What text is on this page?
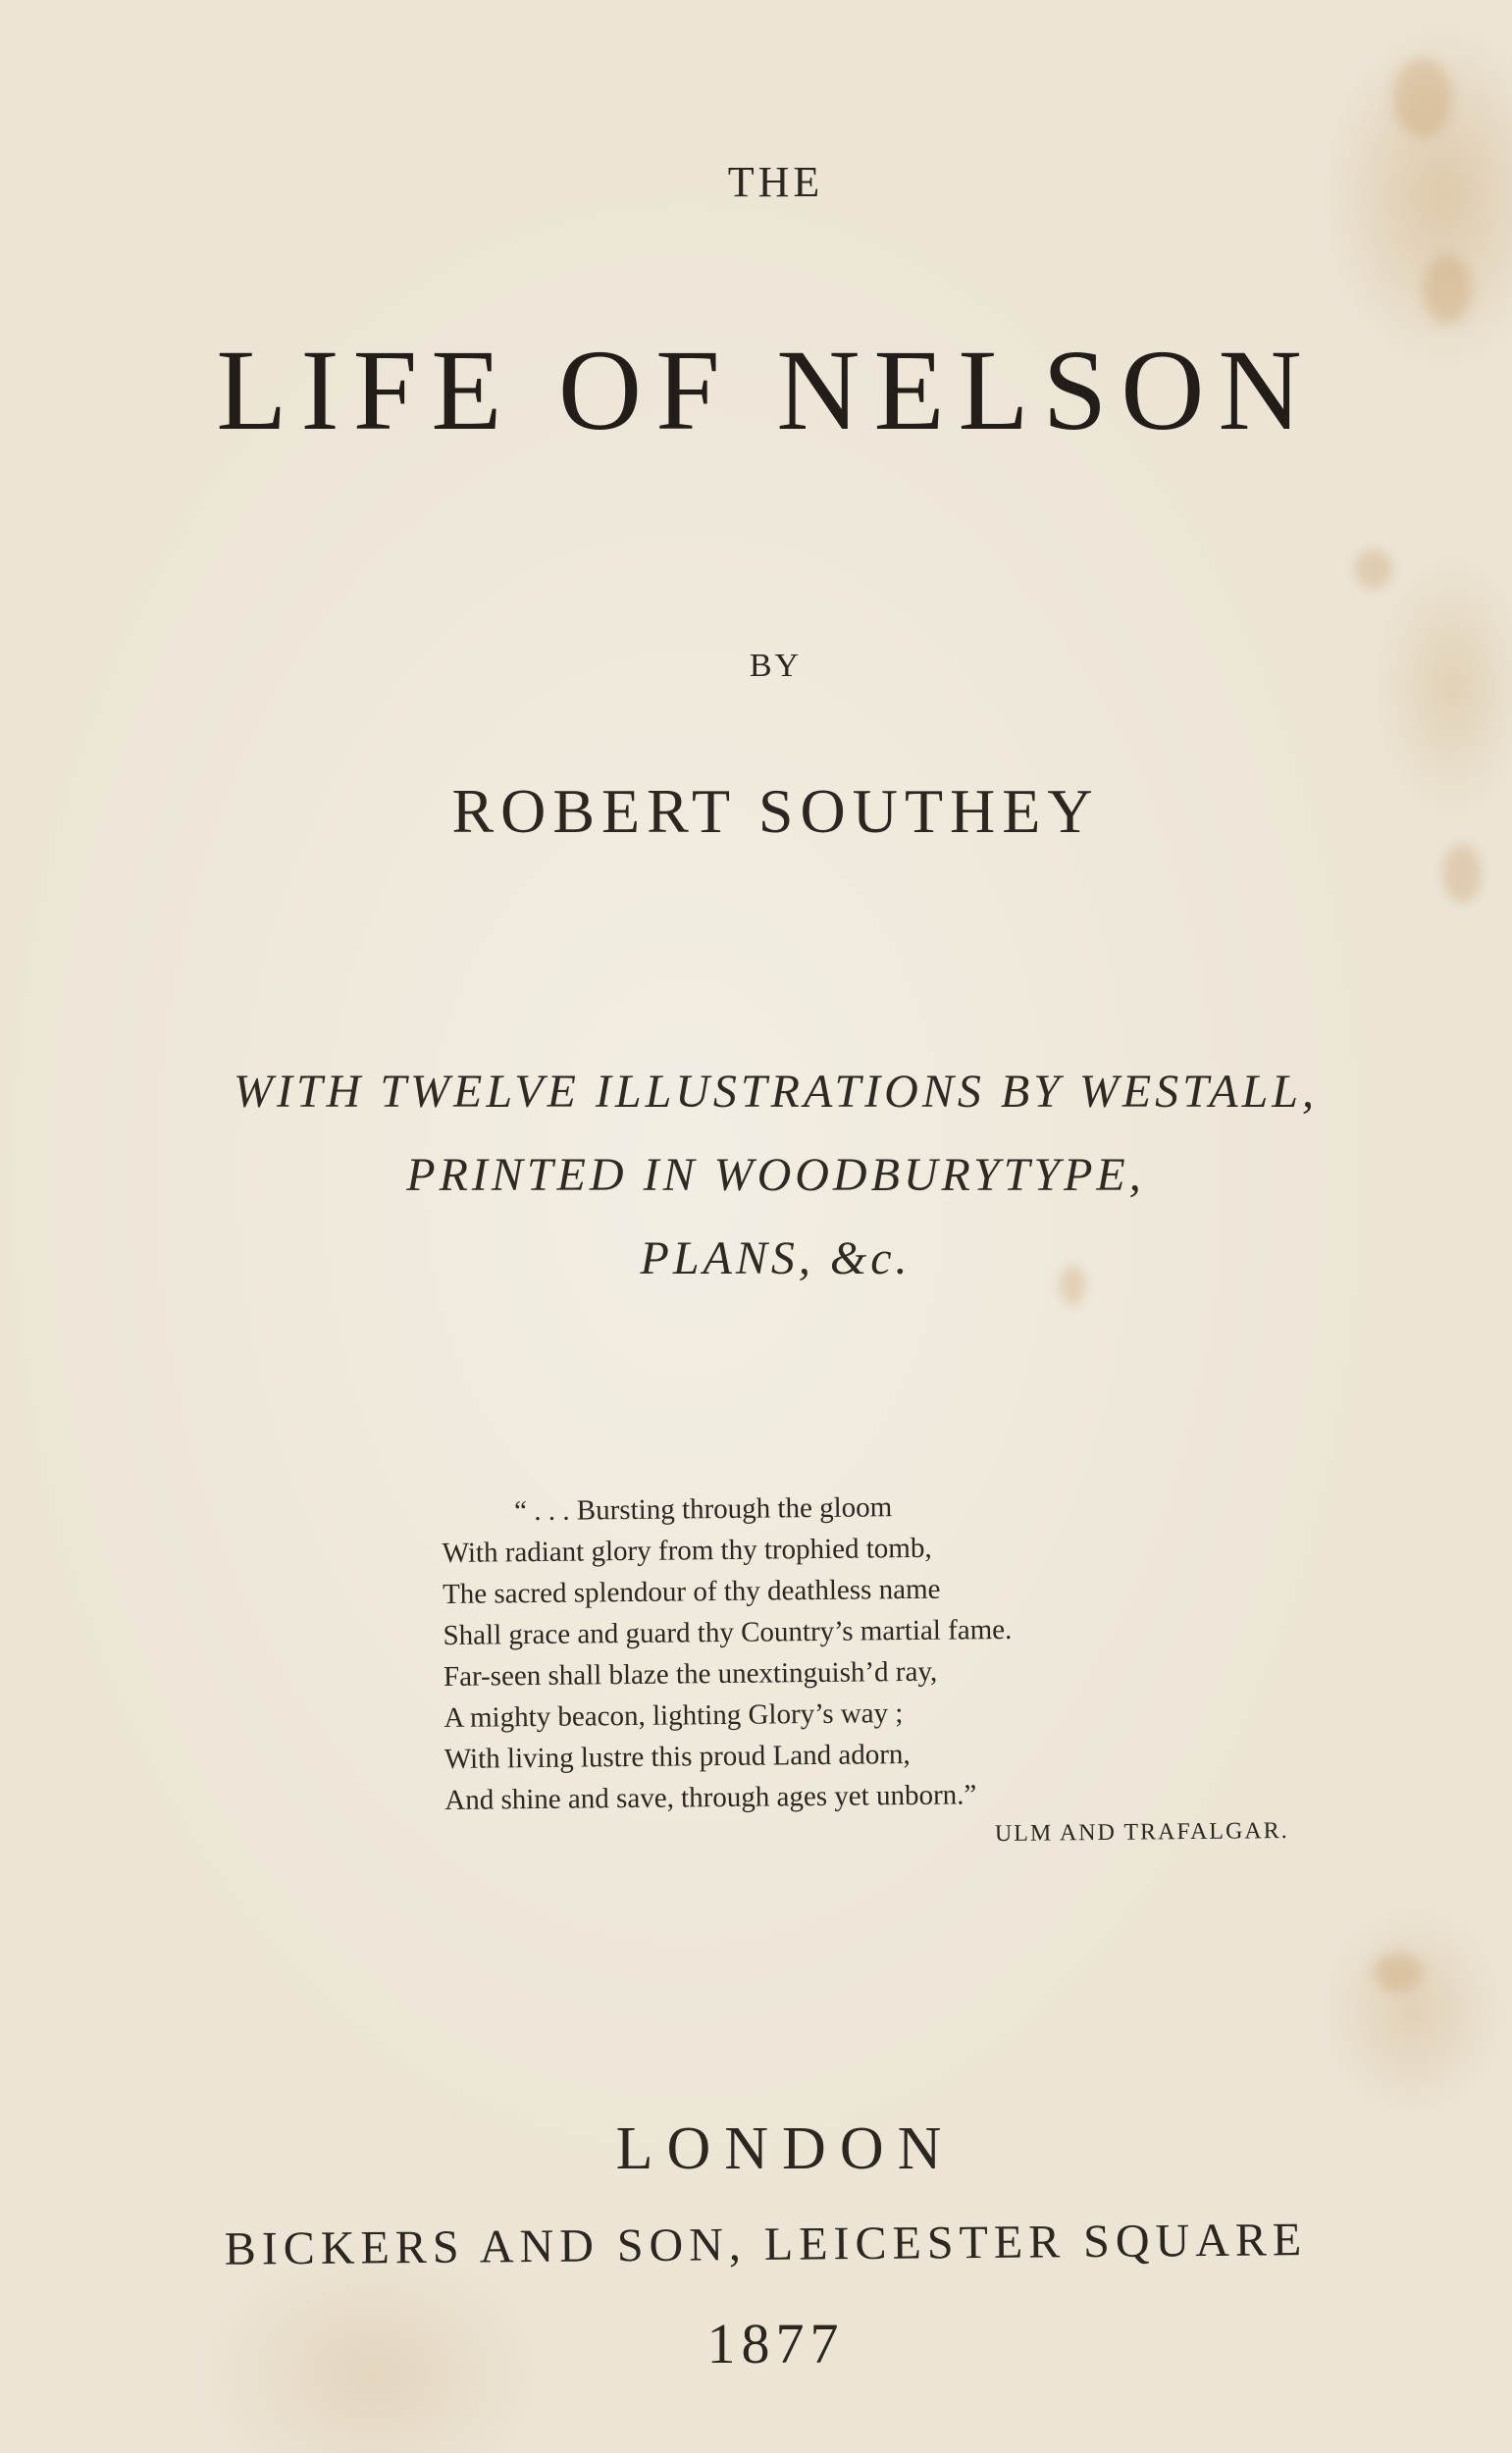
THE
LIFE OF NELSON
BY
ROBERT SOUTHEY
WITH TWELVE ILLUSTRATIONS BY WESTALL,
PRINTED IN WOODBURYTYPE,
PLANS, &c.
“ . . . Bursting through the gloom
With radiant glory from thy trophied tomb,
The sacred splendour of thy deathless name
Shall grace and guard thy Country’s martial fame.
Far-seen shall blaze the unextinguish’d ray,
A mighty beacon, lighting Glory’s way ;
With living lustre this proud Land adorn,
And shine and save, through ages yet unborn.”
ULM AND TRAFALGAR.
LONDON
BICKERS AND SON, LEICESTER SQUARE
1877
